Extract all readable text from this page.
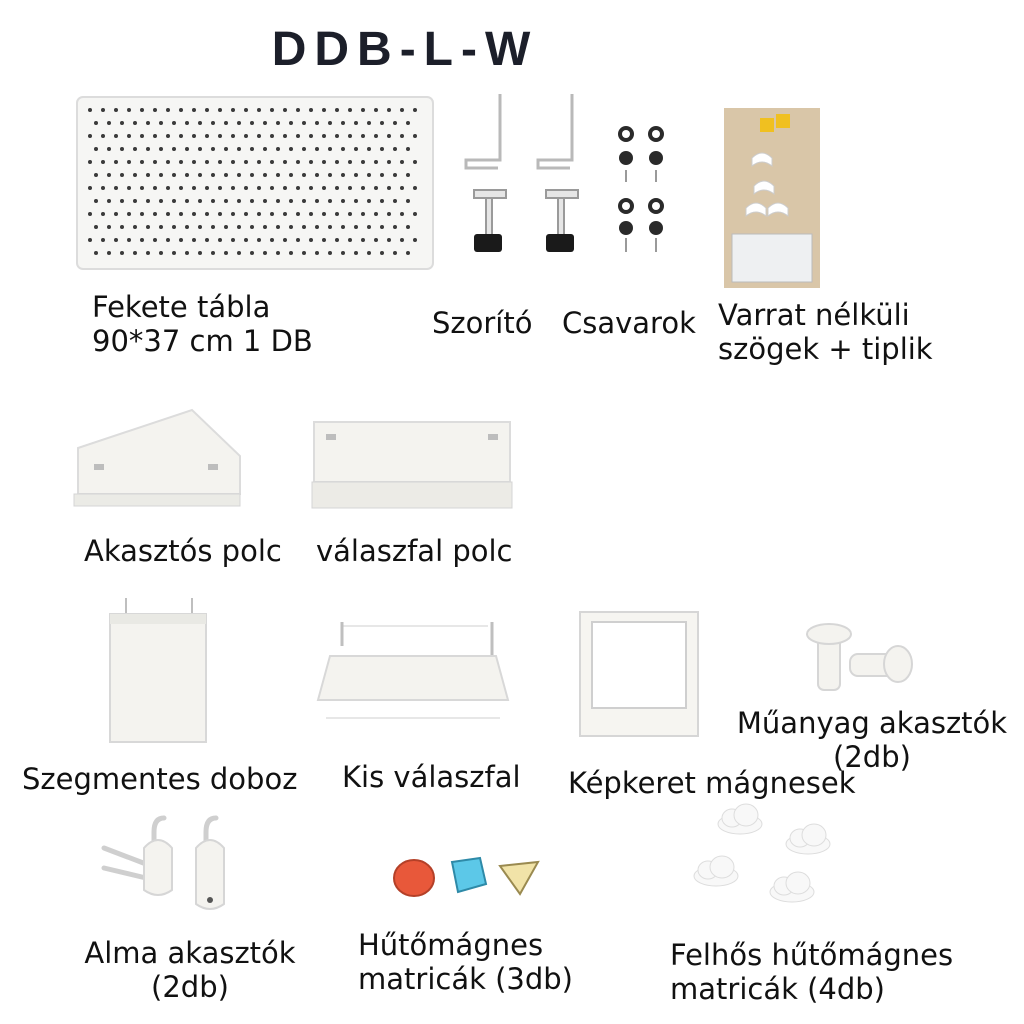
DDB-L-W
Fekete tábla
90*37 cm 1 DB
Szorító Csavarok Varrat nélküli
szögek + tiplik
Akasztós polc válaszfal polc
Szegmentes doboz Kis válaszfal Képkeret mágnesek
Műanyag akasztók
(2db)
Alma akasztók
(2db)
Hűtőmágnes
matricák (3db)
Felhős hűtőmágnes
matricák (4db)
